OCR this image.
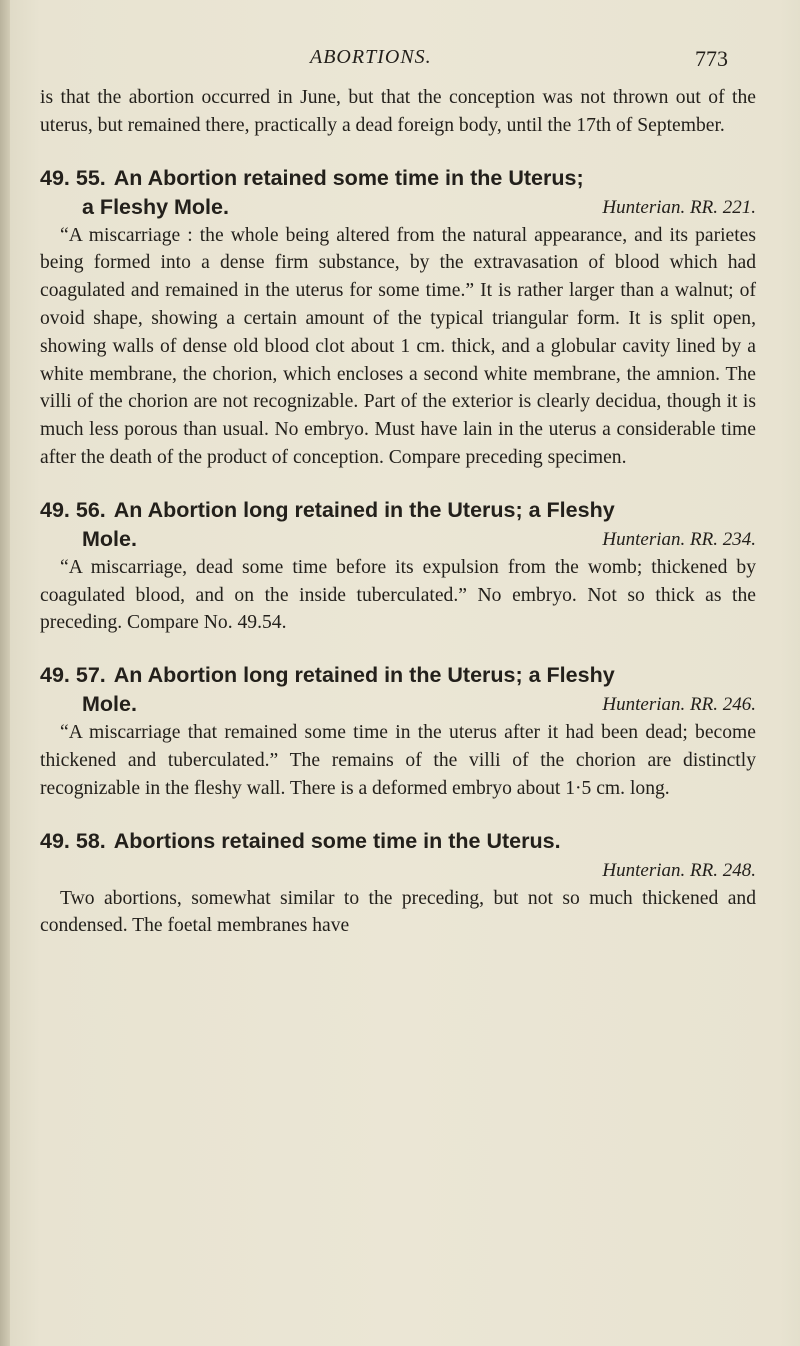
ABORTIONS.	773

is that the abortion occurred in June, but that the conception was not thrown out of the uterus, but remained there, practically a dead foreign body, until the 17th of September.

49. 55. An Abortion retained some time in the Uterus;
a Fleshy Mole.	Hunterian. RR. 221.

“A miscarriage : the whole being altered from the natural appearance, and its parietes being formed into a dense firm substance, by the extravasation of blood which had coagulated and remained in the uterus for some time.” It is rather larger than a walnut; of ovoid shape, showing a certain amount of the typical triangular form. It is split open, showing walls of dense old blood clot about 1 cm. thick, and a globular cavity lined by a white membrane, the chorion, which encloses a second white membrane, the amnion. The villi of the chorion are not recognizable. Part of the exterior is clearly decidua, though it is much less porous than usual. No embryo. Must have lain in the uterus a considerable time after the death of the product of conception. Compare preceding specimen.

49. 56. An Abortion long retained in the Uterus; a Fleshy
Mole.	Hunterian. RR. 234.

“A miscarriage, dead some time before its expulsion from the womb; thickened by coagulated blood, and on the inside tuberculated.” No embryo. Not so thick as the preceding. Compare No. 49.54.

49. 57. An Abortion long retained in the Uterus; a Fleshy
Mole.	Hunterian. RR. 246.

“A miscarriage that remained some time in the uterus after it had been dead; become thickened and tuberculated.” The remains of the villi of the chorion are distinctly recognizable in the fleshy wall. There is a deformed embryo about 1·5 cm. long.

49. 58. Abortions retained some time in the Uterus.
Hunterian. RR. 248.

Two abortions, somewhat similar to the preceding, but not so much thickened and condensed. The foetal membranes have
